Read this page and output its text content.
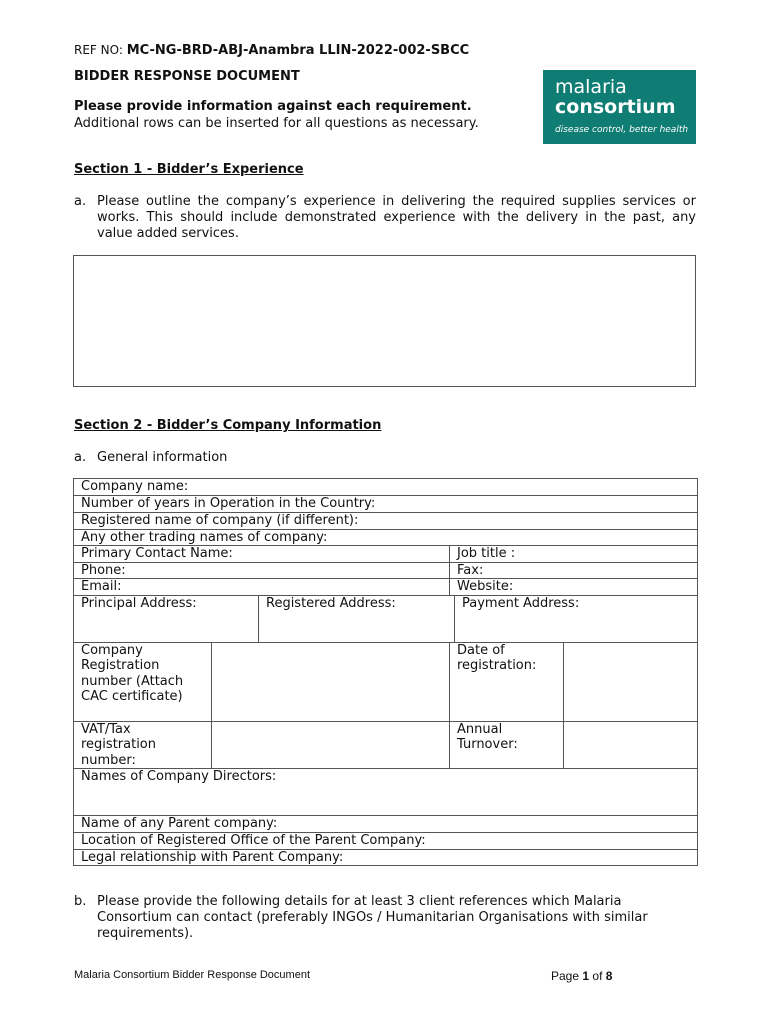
REF NO: MC-NG-BRD-ABJ-Anambra LLIN-2022-002-SBCC
BIDDER RESPONSE DOCUMENT
Please provide information against each requirement.
Additional rows can be inserted for all questions as necessary.
malaria
consortium
disease control, better health
Section 1 - Bidder’s Experience
a. Please outline the company’s experience in delivering the required supplies services or works. This should include demonstrated experience with the delivery in the past, any value added services.
Section 2 - Bidder’s Company Information
a. General information
Company name:					
Number of years in Operation in the Country:					
Registered name of company (if different):					
Any other trading names of company:					
Primary Contact Name:			Job title :		
Phone:			Fax:		
Email:			Website:		
Principal Address:		Registered Address:		Payment Address:	
Company Registration number (Attach CAC certificate)			Date of registration:		
VAT/Tax registration number:			Annual Turnover:		
Names of Company Directors:					
Name of any Parent company:					
Location of Registered Office of the Parent Company:					
Legal relationship with Parent Company:					
b. Please provide the following details for at least 3 client references which Malaria Consortium can contact (preferably INGOs / Humanitarian Organisations with similar requirements).
Malaria Consortium Bidder Response Document	Page 1 of 8
